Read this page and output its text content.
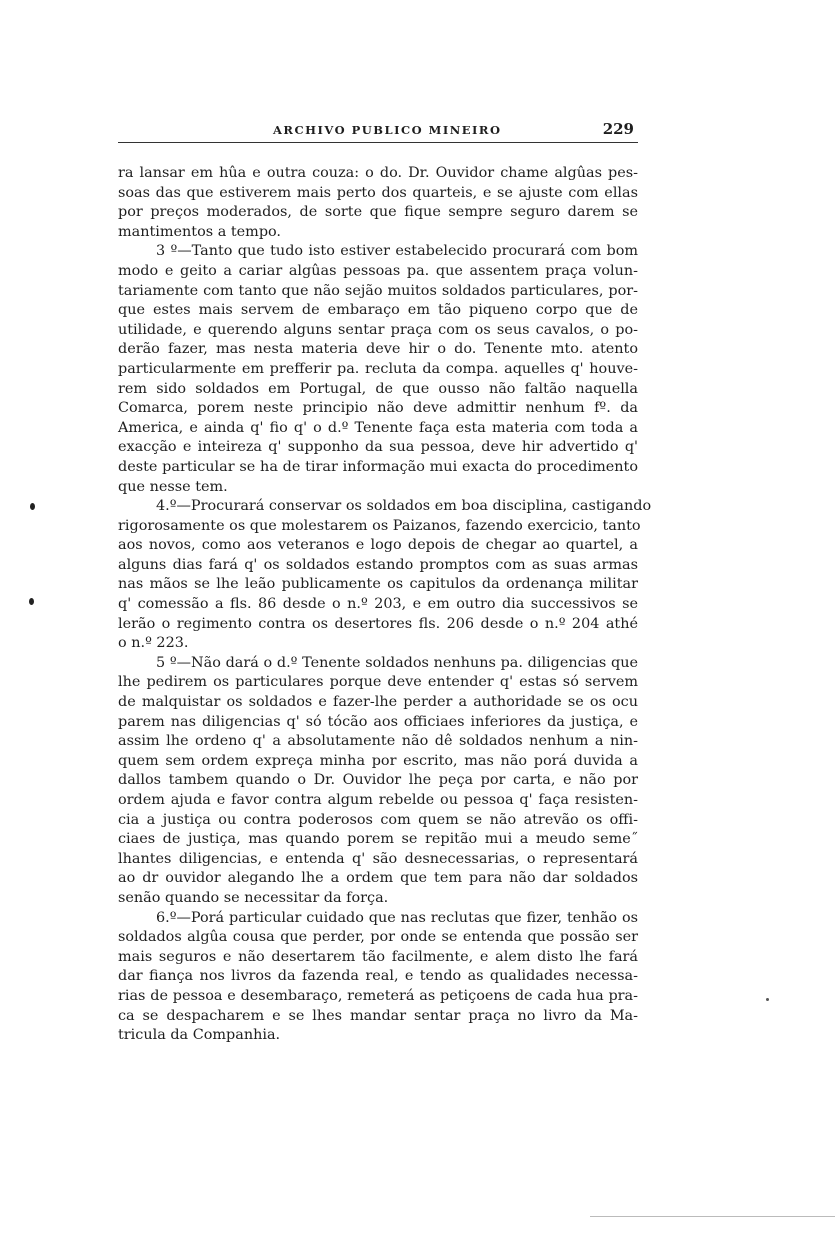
ARCHIVO PUBLICO MINEIRO	229
ra lansar em hûa e outra couza: o do. Dr. Ouvidor chame algûas pes-
soas das que estiverem mais perto dos quarteis, e se ajuste com ellas
por preços moderados, de sorte que fique sempre seguro darem se
mantimentos a tempo.
3 º—Tanto que tudo isto estiver estabelecido procurará com bom
modo e geito a cariar algûas pessoas pa. que assentem praça volun-
tariamente com tanto que não sejão muitos soldados particulares, por-
que estes mais servem de embaraço em tão piqueno corpo que de
utilidade, e querendo alguns sentar praça com os seus cavalos, o po-
derão fazer, mas nesta materia deve hir o do. Tenente mto. atento
particularmente em prefferir pa. recluta da compa. aquelles q' houve-
rem sido soldados em Portugal, de que ousso não faltão naquella
Comarca, porem neste principio não deve admittir nenhum fº. da
America, e ainda q' fio q' o d.º Tenente faça esta materia com toda a
exacção e inteireza q' supponho da sua pessoa, deve hir advertido q'
deste particular se ha de tirar informação mui exacta do procedimento
que nesse tem.
4.º—Procurará conservar os soldados em boa disciplina, castigando
rigorosamente os que molestarem os Paizanos, fazendo exercicio, tanto
aos novos, como aos veteranos e logo depois de chegar ao quartel, a
alguns dias fará q' os soldados estando promptos com as suas armas
nas mãos se lhe leão publicamente os capitulos da ordenança militar
q' comessão a fls. 86 desde o n.º 203, e em outro dia successivos se
lerão o regimento contra os desertores fls. 206 desde o n.º 204 athé
o n.º 223.
5 º—Não dará o d.º Tenente soldados nenhuns pa. diligencias que
lhe pedirem os particulares porque deve entender q' estas só servem
de malquistar os soldados e fazer-lhe perder a authoridade se os ocu
parem nas diligencias q' só tócão aos officiaes inferiores da justiça, e
assim lhe ordeno q' a absolutamente não dê soldados nenhum a nin-
quem sem ordem expreça minha por escrito, mas não porá duvida a
dallos tambem quando o Dr. Ouvidor lhe peça por carta, e não por
ordem ajuda e favor contra algum rebelde ou pessoa q' faça resisten-
cia a justiça ou contra poderosos com quem se não atrevão os offi-
ciaes de justiça, mas quando porem se repitão mui a meudo seme˝
lhantes diligencias, e entenda q' são desnecessarias, o representará
ao dr ouvidor alegando lhe a ordem que tem para não dar soldados
senão quando se necessitar da força.
6.º—Porá particular cuidado que nas reclutas que fizer, tenhão os
soldados algûa cousa que perder, por onde se entenda que possão ser
mais seguros e não desertarem tão facilmente, e alem disto lhe fará
dar fiança nos livros da fazenda real, e tendo as qualidades necessa-
rias de pessoa e desembaraço, remeterá as petiçoens de cada hua pra-
ca se despacharem e se lhes mandar sentar praça no livro da Ma-
tricula da Companhia.
